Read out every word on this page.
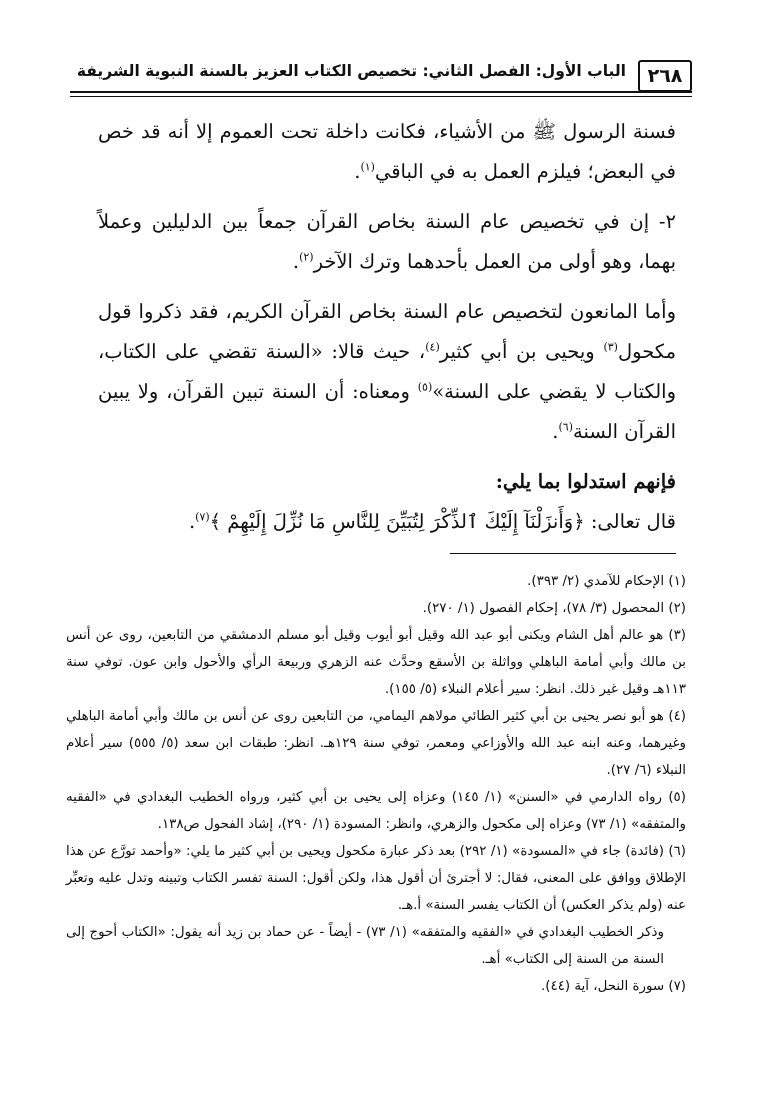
٢٦٨
الباب الأول: الفصل الثاني: تخصيص الكتاب العزيز بالسنة النبوية الشريفة

فسنة الرسول ﷺ من الأشياء، فكانت داخلة تحت العموم إلا أنه قد خص في البعض؛ فيلزم العمل به في الباقي$^{(١)}$.

٢- إن في تخصيص عام السنة بخاص القرآن جمعاً بين الدليلين وعملاً بهما، وهو أولى من العمل بأحدهما وترك الآخر$^{(٢)}$.

وأما المانعون لتخصيص عام السنة بخاص القرآن الكريم، فقد ذكروا قول مكحول$^{(٣)}$ ويحيى بن أبي كثير$^{(٤)}$، حيث قالا: «السنة تقضي على الكتاب، والكتاب لا يقضي على السنة»$^{(٥)}$ ومعناه: أن السنة تبين القرآن، ولا يبين القرآن السنة$^{(٦)}$.

فإنهم استدلوا بما يلي:

قال تعالى: ﴿وَأَنزَلْنَآ إِلَيْكَ ٱلذِّكْرَ لِتُبَيِّنَ لِلنَّاسِ مَا نُزِّلَ إِلَيْهِمْ ﴾$^{(٧)}$.

(١) الإحكام للآمدي (٢/ ٣٩٣).

(٢) المحصول (٣/ ٧٨)، إحكام الفصول (١/ ٢٧٠).

(٣) هو عالم أهل الشام ويكنى أبو عبد الله وقيل أبو أيوب وقيل أبو مسلم الدمشقي من التابعين، روى عن أنس بن مالك وأبي أمامة الباهلي وواثلة بن الأسقع وحدَّث عنه الزهري وربيعة الرأي والأحول وابن عون. توفي سنة ١١٣هـ وقيل غير ذلك. انظر: سير أعلام النبلاء (٥/ ١٥٥).

(٤) هو أبو نصر يحيى بن أبي كثير الطائي مولاهم اليمامي، من التابعين روى عن أنس بن مالك وأبي أمامة الباهلي وغيرهما، وعنه ابنه عبد الله والأوزاعي ومعمر، توفي سنة ١٢٩هـ. انظر: طبقات ابن سعد (٥/ ٥٥٥) سير أعلام النبلاء (٦/ ٢٧).

(٥) رواه الدارمي في «السنن» (١/ ١٤٥) وعزاه إلى يحيى بن أبي كثير، ورواه الخطيب البغدادي في «الفقيه والمتفقه» (١/ ٧٣) وعزاه إلى مكحول والزهري، وانظر: المسودة (١/ ٢٩٠)، إشاد الفحول ص١٣٨.

(٦) (فائدة) جاء في «المسودة» (١/ ٢٩٢) بعد ذكر عبارة مكحول ويحيى بن أبي كثير ما يلي: «وأحمد تورَّع عن هذا الإطلاق ووافق على المعنى، فقال: لا أجترئ أن أقول هذا، ولكن أقول: السنة تفسر الكتاب وتبينه وتدل عليه وتعبِّر عنه (ولم يذكر العكس) أن الكتاب يفسر السنة» أ.هـ.

وذكر الخطيب البغدادي في «الفقيه والمتفقه» (١/ ٧٣) - أيضاً - عن حماد بن زيد أنه يقول: «الكتاب أحوج إلى السنة من السنة إلى الكتاب» أهـ.

(٧) سورة النحل، آية (٤٤).
